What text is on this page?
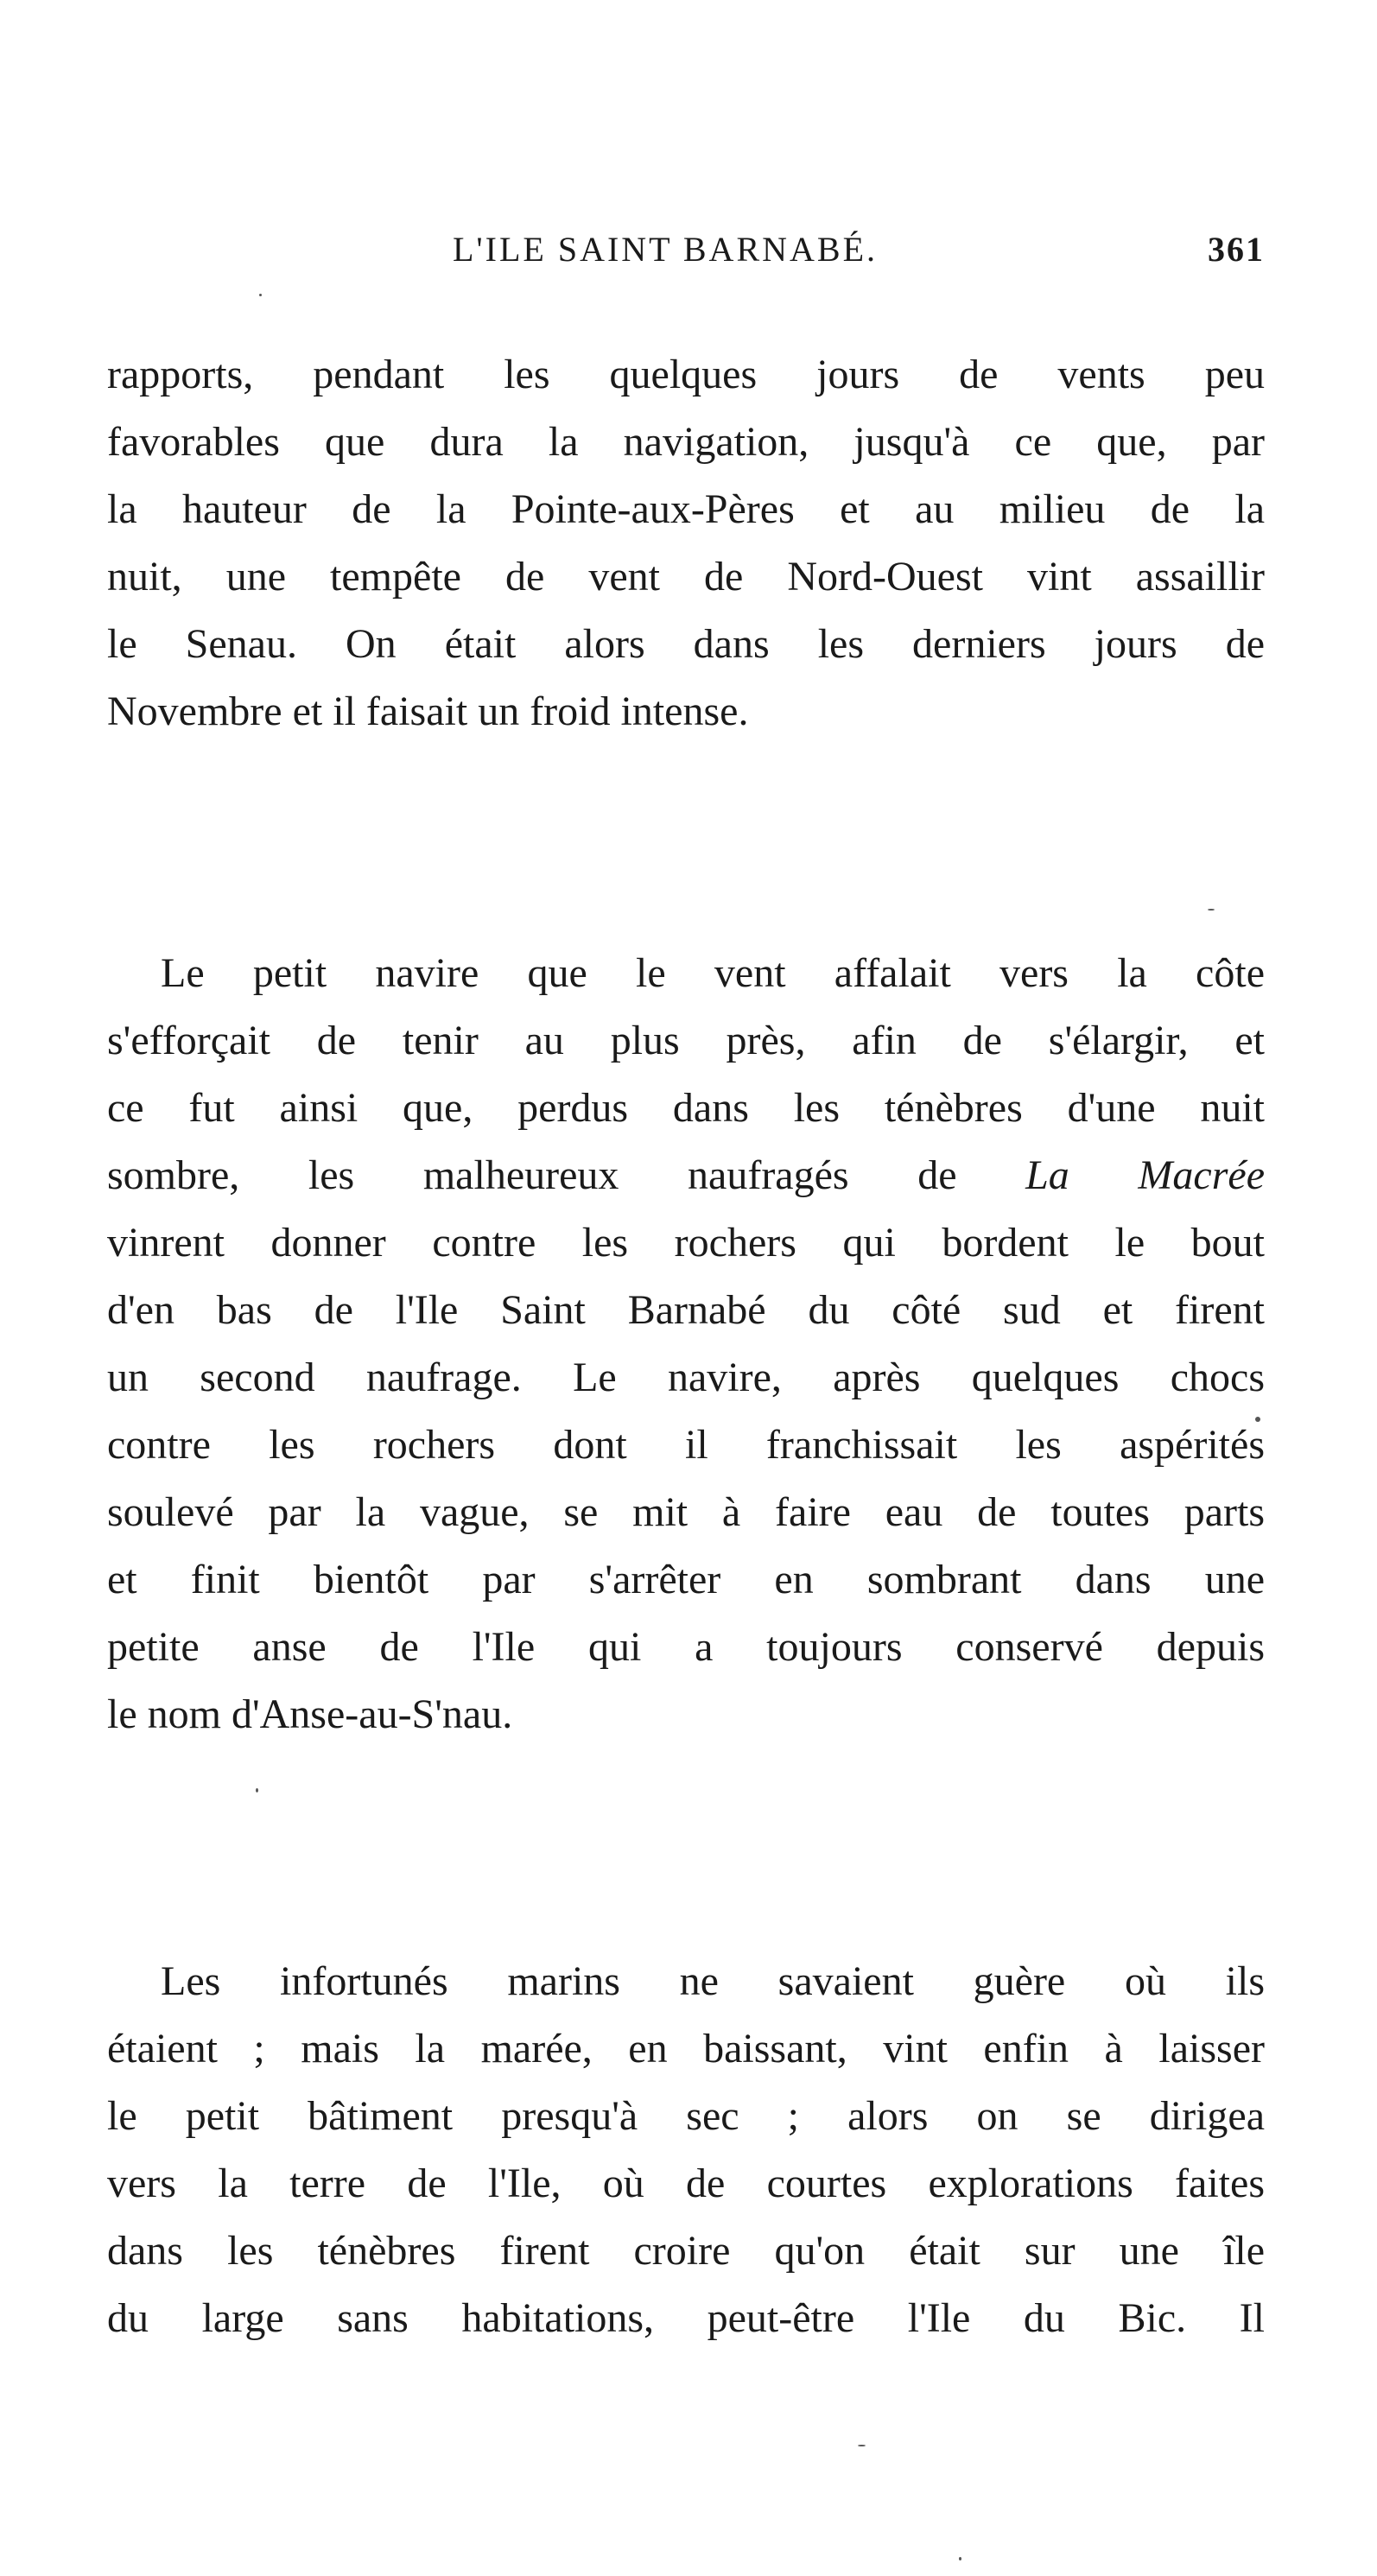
L'ILE SAINT BARNABÉ.	361
rapports, pendant les quelques jours de vents peu
favorables que dura la navigation, jusqu'à ce que, par
la hauteur de la Pointe-aux-Pères et au milieu de la
nuit, une tempête de vent de Nord-Ouest vint assaillir
le Senau. On était alors dans les derniers jours de
Novembre et il faisait un froid intense.
Le petit navire que le vent affalait vers la côte
s'efforçait de tenir au plus près, afin de s'élargir, et
ce fut ainsi que, perdus dans les ténèbres d'une nuit
sombre, les malheureux naufragés de La Macrée
vinrent donner contre les rochers qui bordent le bout
d'en bas de l'Ile Saint Barnabé du côté sud et firent
un second naufrage. Le navire, après quelques chocs
contre les rochers dont il franchissait les aspérités
soulevé par la vague, se mit à faire eau de toutes parts
et finit bientôt par s'arrêter en sombrant dans une
petite anse de l'Ile qui a toujours conservé depuis
le nom d'Anse-au-S'nau.
Les infortunés marins ne savaient guère où ils
étaient ; mais la marée, en baissant, vint enfin à laisser
le petit bâtiment presqu'à sec ; alors on se dirigea
vers la terre de l'Ile, où de courtes explorations faites
dans les ténèbres firent croire qu'on était sur une île
du large sans habitations, peut-être l'Ile du Bic. Il
